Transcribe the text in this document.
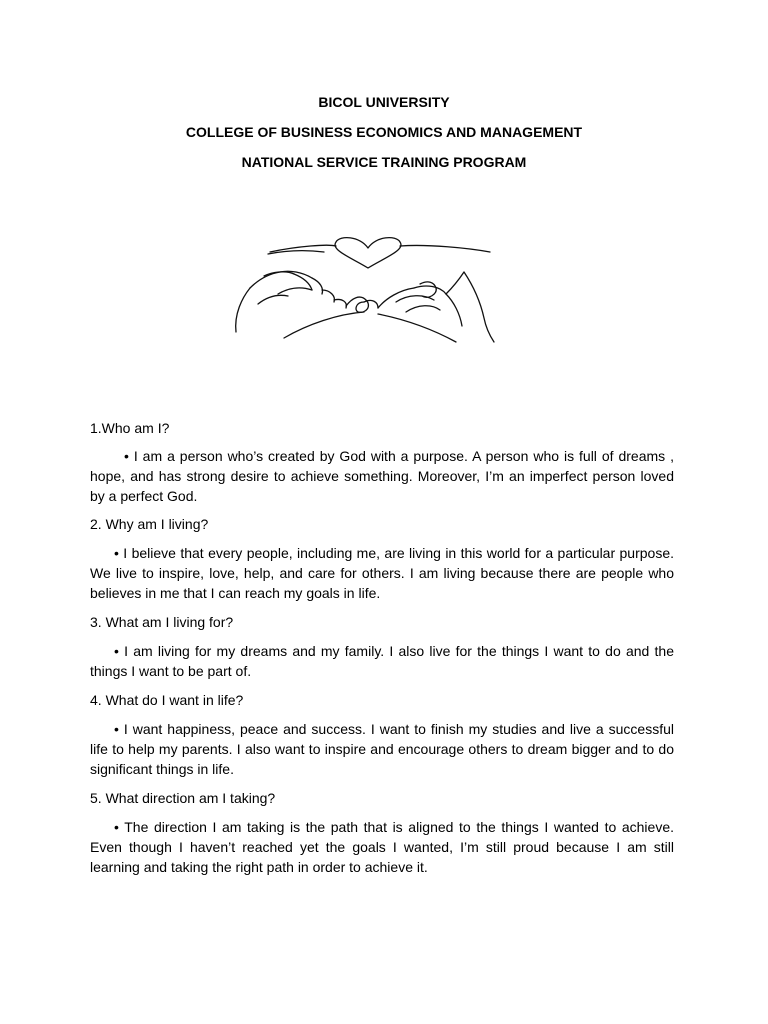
BICOL UNIVERSITY
COLLEGE OF BUSINESS ECONOMICS AND MANAGEMENT
NATIONAL SERVICE TRAINING PROGRAM
1.Who am I?
• I am a person who’s created by God with a purpose. A person who is full of dreams , hope, and has strong desire to achieve something. Moreover, I’m an imperfect person loved by a perfect God.
2. Why am I living?
• I believe that every people, including me, are living in this world for a particular purpose. We live to inspire, love, help, and care for others. I am living because there are people who believes in me that I can reach my goals in life.
3. What am I living for?
• I am living for my dreams and my family. I also live for the things I want to do and the things I want to be part of.
4. What do I want in life?
• I want happiness, peace and success. I want to finish my studies and live a successful life to help my parents. I also want to inspire and encourage others to dream bigger and to do significant things in life.
5. What direction am I taking?
• The direction I am taking is the path that is aligned to the things I wanted to achieve. Even though I haven’t reached yet the goals I wanted, I’m still proud because I am still learning and taking the right path in order to achieve it.
